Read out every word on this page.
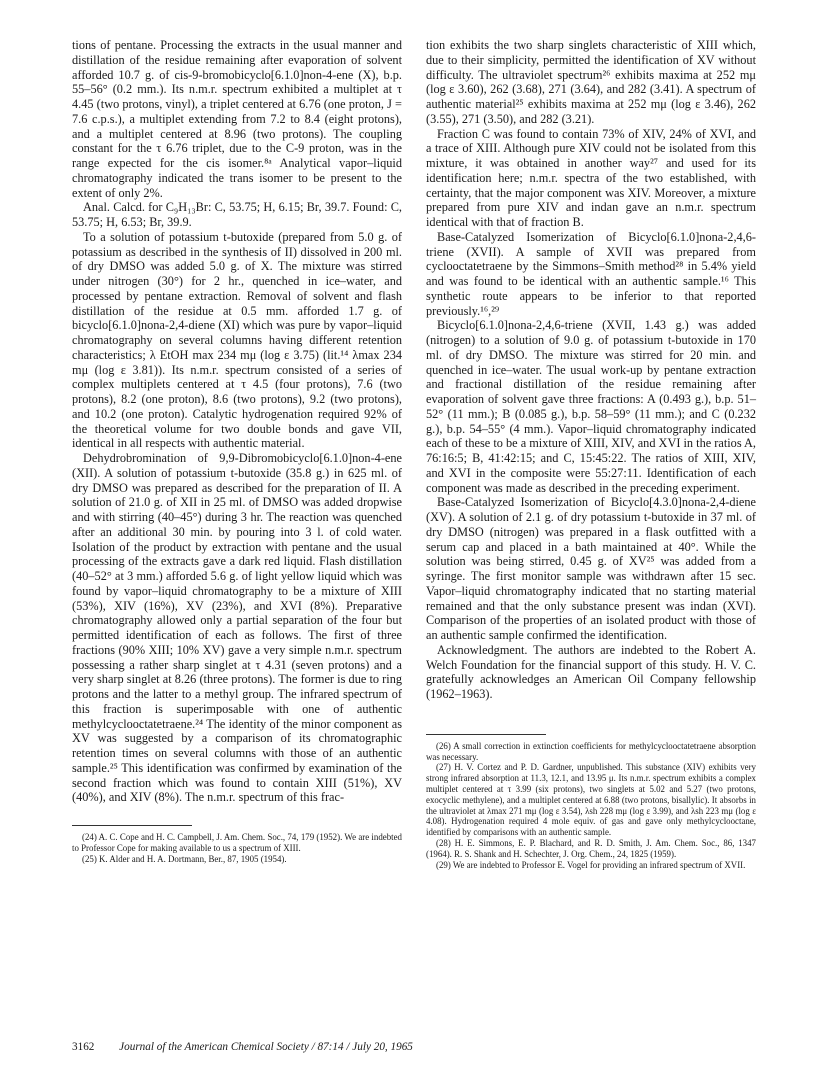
tions of pentane. Processing the extracts in the usual manner and distillation of the residue remaining after evaporation of solvent afforded 10.7 g. of cis-9-bromobicyclo[6.1.0]non-4-ene (X), b.p. 55–56° (0.2 mm.). Its n.m.r. spectrum exhibited a multiplet at τ 4.45 (two protons, vinyl), a triplet centered at 6.76 (one proton, J = 7.6 c.p.s.), a multiplet extending from 7.2 to 8.4 (eight protons), and a multiplet centered at 8.96 (two protons). The coupling constant for the τ 6.76 triplet, due to the C-9 proton, was in the range expected for the cis isomer.⁸ᵃ Analytical vapor–liquid chromatography indicated the trans isomer to be present to the extent of only 2%.

Anal. Calcd. for C₉H₁₃Br: C, 53.75; H, 6.15; Br, 39.7. Found: C, 53.75; H, 6.53; Br, 39.9.

To a solution of potassium t-butoxide (prepared from 5.0 g. of potassium as described in the synthesis of II) dissolved in 200 ml. of dry DMSO was added 5.0 g. of X. The mixture was stirred under nitrogen (30°) for 2 hr., quenched in ice–water, and processed by pentane extraction. Removal of solvent and flash distillation of the residue at 0.5 mm. afforded 1.7 g. of bicyclo[6.1.0]nona-2,4-diene (XI) which was pure by vapor–liquid chromatography on several columns having different retention characteristics; λ EtOH max 234 mμ (log ε 3.75) (lit.¹⁴ λmax 234 mμ (log ε 3.81)). Its n.m.r. spectrum consisted of a series of complex multiplets centered at τ 4.5 (four protons), 7.6 (two protons), 8.2 (one proton), 8.6 (two protons), 9.2 (two protons), and 10.2 (one proton). Catalytic hydrogenation required 92% of the theoretical volume for two double bonds and gave VII, identical in all respects with authentic material.

Dehydrobromination of 9,9-Dibromobicyclo[6.1.0]non-4-ene (XII). A solution of potassium t-butoxide (35.8 g.) in 625 ml. of dry DMSO was prepared as described for the preparation of II. A solution of 21.0 g. of XII in 25 ml. of DMSO was added dropwise and with stirring (40–45°) during 3 hr. The reaction was quenched after an additional 30 min. by pouring into 3 l. of cold water. Isolation of the product by extraction with pentane and the usual processing of the extracts gave a dark red liquid. Flash distillation (40–52° at 3 mm.) afforded 5.6 g. of light yellow liquid which was found by vapor–liquid chromatography to be a mixture of XIII (53%), XIV (16%), XV (23%), and XVI (8%). Preparative chromatography allowed only a partial separation of the four but permitted identification of each as follows. The first of three fractions (90% XIII; 10% XV) gave a very simple n.m.r. spectrum possessing a rather sharp singlet at τ 4.31 (seven protons) and a very sharp singlet at 8.26 (three protons). The former is due to ring protons and the latter to a methyl group. The infrared spectrum of this fraction is superimposable with one of authentic methylcyclooctatetraene.²⁴ The identity of the minor component as XV was suggested by a comparison of its chromatographic retention times on several columns with those of an authentic sample.²⁵ This identification was confirmed by examination of the second fraction which was found to contain XIII (51%), XV (40%), and XIV (8%). The n.m.r. spectrum of this frac-

(24) A. C. Cope and H. C. Campbell, J. Am. Chem. Soc., 74, 179 (1952). We are indebted to Professor Cope for making available to us a spectrum of XIII.

(25) K. Alder and H. A. Dortmann, Ber., 87, 1905 (1954).

tion exhibits the two sharp singlets characteristic of XIII which, due to their simplicity, permitted the identification of XV without difficulty. The ultraviolet spectrum²⁶ exhibits maxima at 252 mμ (log ε 3.60), 262 (3.68), 271 (3.64), and 282 (3.41). A spectrum of authentic material²⁵ exhibits maxima at 252 mμ (log ε 3.46), 262 (3.55), 271 (3.50), and 282 (3.21).

Fraction C was found to contain 73% of XIV, 24% of XVI, and a trace of XIII. Although pure XIV could not be isolated from this mixture, it was obtained in another way²⁷ and used for its identification here; n.m.r. spectra of the two established, with certainty, that the major component was XIV. Moreover, a mixture prepared from pure XIV and indan gave an n.m.r. spectrum identical with that of fraction B.

Base-Catalyzed Isomerization of Bicyclo[6.1.0]nona-2,4,6-triene (XVII). A sample of XVII was prepared from cyclooctatetraene by the Simmons–Smith method²⁸ in 5.4% yield and was found to be identical with an authentic sample.¹⁶ This synthetic route appears to be inferior to that reported previously.¹⁶,²⁹

Bicyclo[6.1.0]nona-2,4,6-triene (XVII, 1.43 g.) was added (nitrogen) to a solution of 9.0 g. of potassium t-butoxide in 170 ml. of dry DMSO. The mixture was stirred for 20 min. and quenched in ice–water. The usual work-up by pentane extraction and fractional distillation of the residue remaining after evaporation of solvent gave three fractions: A (0.493 g.), b.p. 51–52° (11 mm.); B (0.085 g.), b.p. 58–59° (11 mm.); and C (0.232 g.), b.p. 54–55° (4 mm.). Vapor–liquid chromatography indicated each of these to be a mixture of XIII, XIV, and XVI in the ratios A, 76:16:5; B, 41:42:15; and C, 15:45:22. The ratios of XIII, XIV, and XVI in the composite were 55:27:11. Identification of each component was made as described in the preceding experiment.

Base-Catalyzed Isomerization of Bicyclo[4.3.0]nona-2,4-diene (XV). A solution of 2.1 g. of dry potassium t-butoxide in 37 ml. of dry DMSO (nitrogen) was prepared in a flask outfitted with a serum cap and placed in a bath maintained at 40°. While the solution was being stirred, 0.45 g. of XV²⁵ was added from a syringe. The first monitor sample was withdrawn after 15 sec. Vapor–liquid chromatography indicated that no starting material remained and that the only substance present was indan (XVI). Comparison of the properties of an isolated product with those of an authentic sample confirmed the identification.

Acknowledgment. The authors are indebted to the Robert A. Welch Foundation for the financial support of this study. H. V. C. gratefully acknowledges an American Oil Company fellowship (1962–1963).

(26) A small correction in extinction coefficients for methylcyclooctatetraene absorption was necessary.

(27) H. V. Cortez and P. D. Gardner, unpublished. This substance (XIV) exhibits very strong infrared absorption at 11.3, 12.1, and 13.95 μ. Its n.m.r. spectrum exhibits a complex multiplet centered at τ 3.99 (six protons), two singlets at 5.02 and 5.27 (two protons, exocyclic methylene), and a multiplet centered at 6.88 (two protons, bisallylic). It absorbs in the ultraviolet at λmax 271 mμ (log ε 3.54), λsh 228 mμ (log ε 3.99), and λsh 223 mμ (log ε 4.08). Hydrogenation required 4 mole equiv. of gas and gave only methylcyclooctane, identified by comparisons with an authentic sample.

(28) H. E. Simmons, E. P. Blachard, and R. D. Smith, J. Am. Chem. Soc., 86, 1347 (1964). R. S. Shank and H. Schechter, J. Org. Chem., 24, 1825 (1959).

(29) We are indebted to Professor E. Vogel for providing an infrared spectrum of XVII.

3162 Journal of the American Chemical Society / 87:14 / July 20, 1965
